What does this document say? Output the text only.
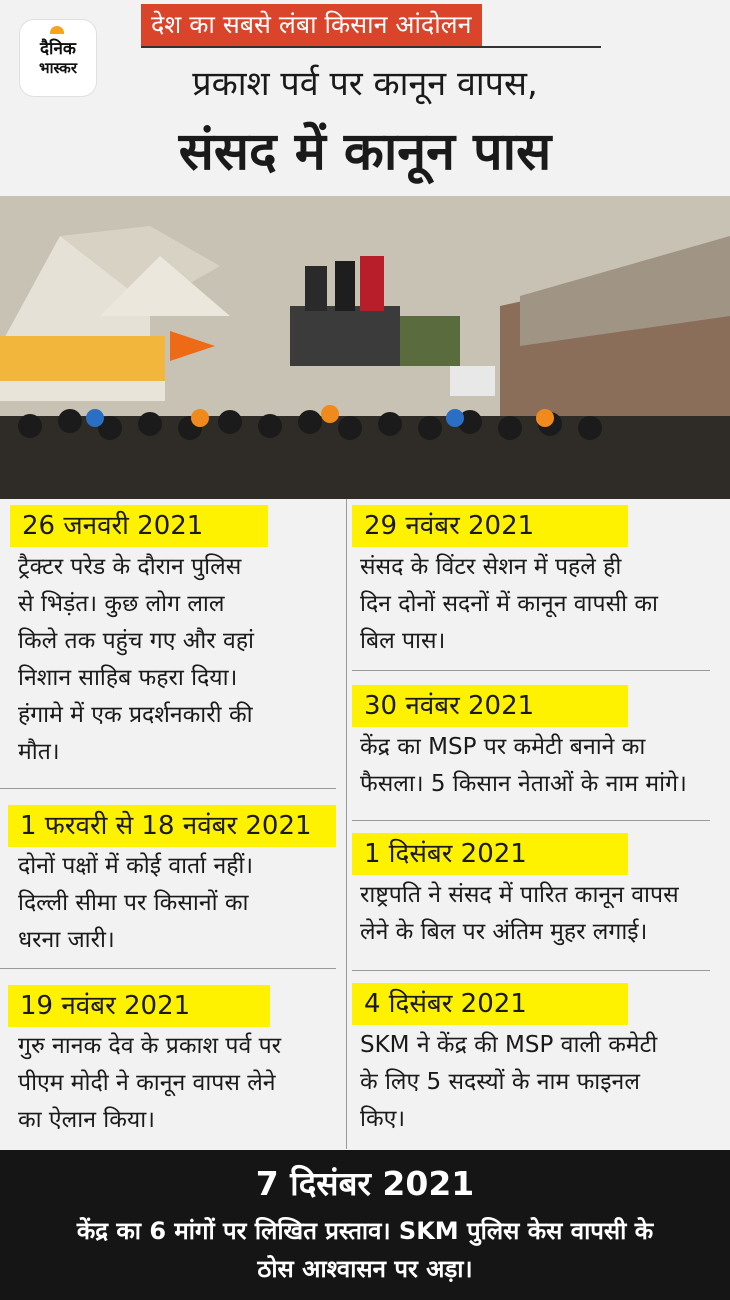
दैनिक
भास्कर
देश का सबसे लंबा किसान आंदोलन
प्रकाश पर्व पर कानून वापस,
संसद में कानून पास
26 जनवरी 2021
ट्रैक्टर परेड के दौरान पुलिस
से भिड़ंत। कुछ लोग लाल
किले तक पहुंच गए और वहां
निशान साहिब फहरा दिया।
हंगामे में एक प्रदर्शनकारी की
मौत।
1 फरवरी से 18 नवंबर 2021
दोनों पक्षों में कोई वार्ता नहीं।
दिल्ली सीमा पर किसानों का
धरना जारी।
19 नवंबर 2021
गुरु नानक देव के प्रकाश पर्व पर
पीएम मोदी ने कानून वापस लेने
का ऐलान किया।
29 नवंबर 2021
संसद के विंटर सेशन में पहले ही
दिन दोनों सदनों में कानून वापसी का
बिल पास।
30 नवंबर 2021
केंद्र का MSP पर कमेटी बनाने का
फैसला। 5 किसान नेताओं के नाम मांगे।
1 दिसंबर 2021
राष्ट्रपति ने संसद में पारित कानून वापस
लेने के बिल पर अंतिम मुहर लगाई।
4 दिसंबर 2021
SKM ने केंद्र की MSP वाली कमेटी
के लिए 5 सदस्यों के नाम फाइनल
किए।
7 दिसंबर 2021
केंद्र का 6 मांगों पर लिखित प्रस्ताव। SKM पुलिस केस वापसी के
ठोस आश्वासन पर अड़ा।
